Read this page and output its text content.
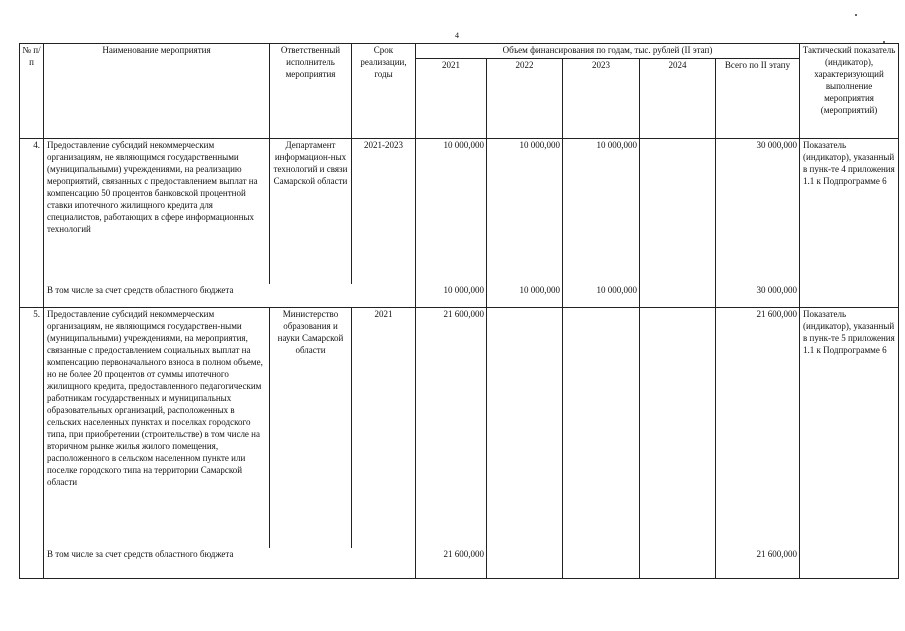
4
№ п/п	Наименование мероприятия	Ответственный исполнитель мероприятия	Срок реализации, годы	Объем финансирования по годам, тыс. рублей (II этап)					Тактический показатель (индикатор), характеризующий выполнение мероприятия (мероприятий)
				2021	2022	2023	2024	Всего по II этапу	
4.	Предоставление субсидий некоммерческим организациям, не являющимся государственными (муниципальными) учреждениями, на реализацию мероприятий, связанных с предоставлением выплат на компенсацию 50 процентов банковской процентной ставки ипотечного жилищного кредита для специалистов, работающих в сфере информационных технологий	Департамент информацион-ных технологий и связи Самарской области	2021-2023	10 000,000	10 000,000	10 000,000		30 000,000	Показатель (индикатор), указанный в пунк-те 4 приложения 1.1 к Подпрограмме 6
	В том числе за счет средств областного бюджета			10 000,000	10 000,000	10 000,000		30 000,000	
5.	Предоставление субсидий некоммерческим организациям, не являющимся государствен-ными (муниципальными) учреждениями, на мероприятия, связанные с предоставлением социальных выплат на компенсацию первоначального взноса в полном объеме, но не более 20 процентов от суммы ипотечного жилищного кредита, предоставленного педагогическим работникам государственных и муниципальных образовательных организаций, расположенных в сельских населенных пунктах и поселках городского типа, при приобретении (строительстве) в том числе на вторичном рынке жилья жилого помещения, расположенного в сельском населенном пункте или поселке городского типа на территории Самарской области	Министерство образования и науки Самарской области	2021	21 600,000				21 600,000	Показатель (индикатор), указанный в пунк-те 5 приложения 1.1 к Подпрограмме 6
	В том числе за счет средств областного бюджета			21 600,000				21 600,000	
